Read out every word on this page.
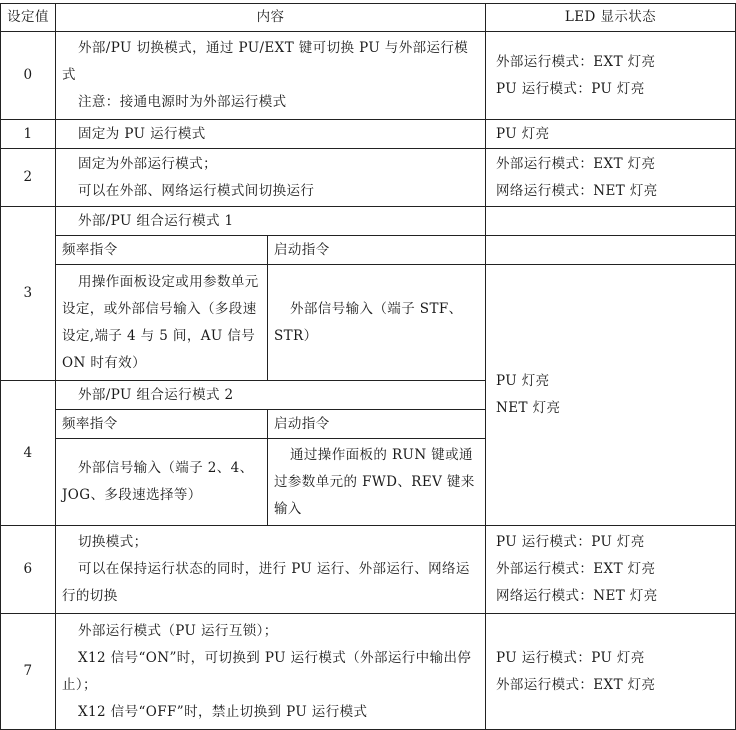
设定值	内容		LED 显示状态
0	外部/PU 切换模式，通过 PU/EXT 键可切换 PU 与外部运行模式
注意：接通电源时为外部运行模式		外部运行模式：EXT 灯亮
PU 运行模式：PU 灯亮

1	固定为 PU 运行模式		PU 灯亮

2	固定为外部运行模式；
可以在外部、网络运行模式间切换运行		外部运行模式：EXT 灯亮
网络运行模式：NET 灯亮

3	外部/PU 组合运行模式 1		

	频率指令	启动指令	

	用操作面板设定或用参数单元设定，或外部信号输入（多段速设定,端子 4 与 5 间，AU 信号 ON 时有效）	外部信号输入（端子 STF、STR）	PU 灯亮
NET 灯亮

4	外部/PU 组合运行模式 2		

	频率指令	启动指令	

	外部信号输入（端子 2、4、JOG、多段速选择等）	通过操作面板的 RUN 键或通过参数单元的 FWD、REV 键来输入	

6	切换模式；
可以在保持运行状态的同时，进行 PU 运行、外部运行、网络运行的切换		PU 运行模式：PU 灯亮
外部运行模式：EXT 灯亮
网络运行模式：NET 灯亮

7	外部运行模式（PU 运行互锁）；
X12 信号“ON”时，可切换到 PU 运行模式（外部运行中输出停止）；
X12 信号“OFF”时，禁止切换到 PU 运行模式		PU 运行模式：PU 灯亮
外部运行模式：EXT 灯亮
